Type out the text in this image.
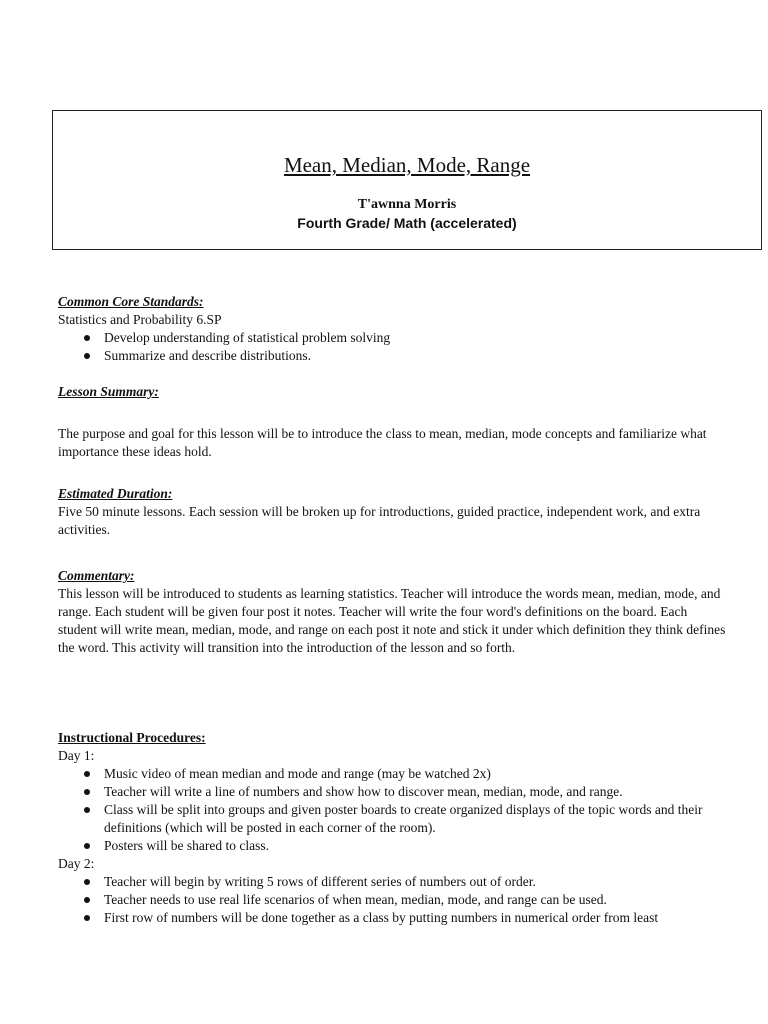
Mean, Median, Mode, Range
T'awnna Morris
Fourth Grade/ Math (accelerated)
Common Core Standards:
Statistics and Probability 6.SP
Develop understanding of statistical problem solving
Summarize and describe distributions.
Lesson Summary:

The purpose and goal for this lesson will be to introduce the class to mean, median, mode concepts and familiarize what importance these ideas hold.

Estimated Duration:

Five 50 minute lessons. Each session will be broken up for introductions, guided practice, independent work, and extra activities.

Commentary:

This lesson will be introduced to students as learning statistics. Teacher will introduce the words mean, median, mode, and range. Each student will be given four post it notes. Teacher will write the four word's definitions on the board. Each student will write mean, median, mode, and range on each post it note and stick it under which definition they think defines the word. This activity will transition into the introduction of the lesson and so forth.

Instructional Procedures:
Day 1:
Music video of mean median and mode and range (may be watched 2x)
Teacher will write a line of numbers and show how to discover mean, median, mode, and range.
Class will be split into groups and given poster boards to create organized displays of the topic words and their definitions (which will be posted in each corner of the room).
Posters will be shared to class.
Day 2:
Teacher will begin by writing 5 rows of different series of numbers out of order.
Teacher needs to use real life scenarios of when mean, median, mode, and range can be used.
First row of numbers will be done together as a class by putting numbers in numerical order from least
